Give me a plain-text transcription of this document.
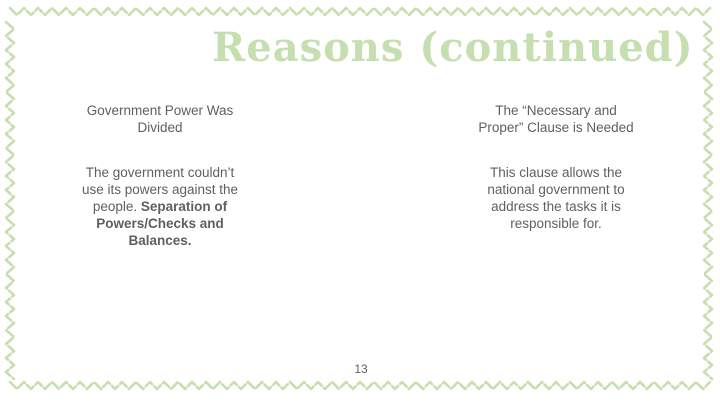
Reasons (continued)
Government Power Was
Divided
The “Necessary and
Proper” Clause is Needed
The government couldn’t
use its powers against the
people. Separation of
Powers/Checks and
Balances.
This clause allows the
national government to
address the tasks it is
responsible for.
13
